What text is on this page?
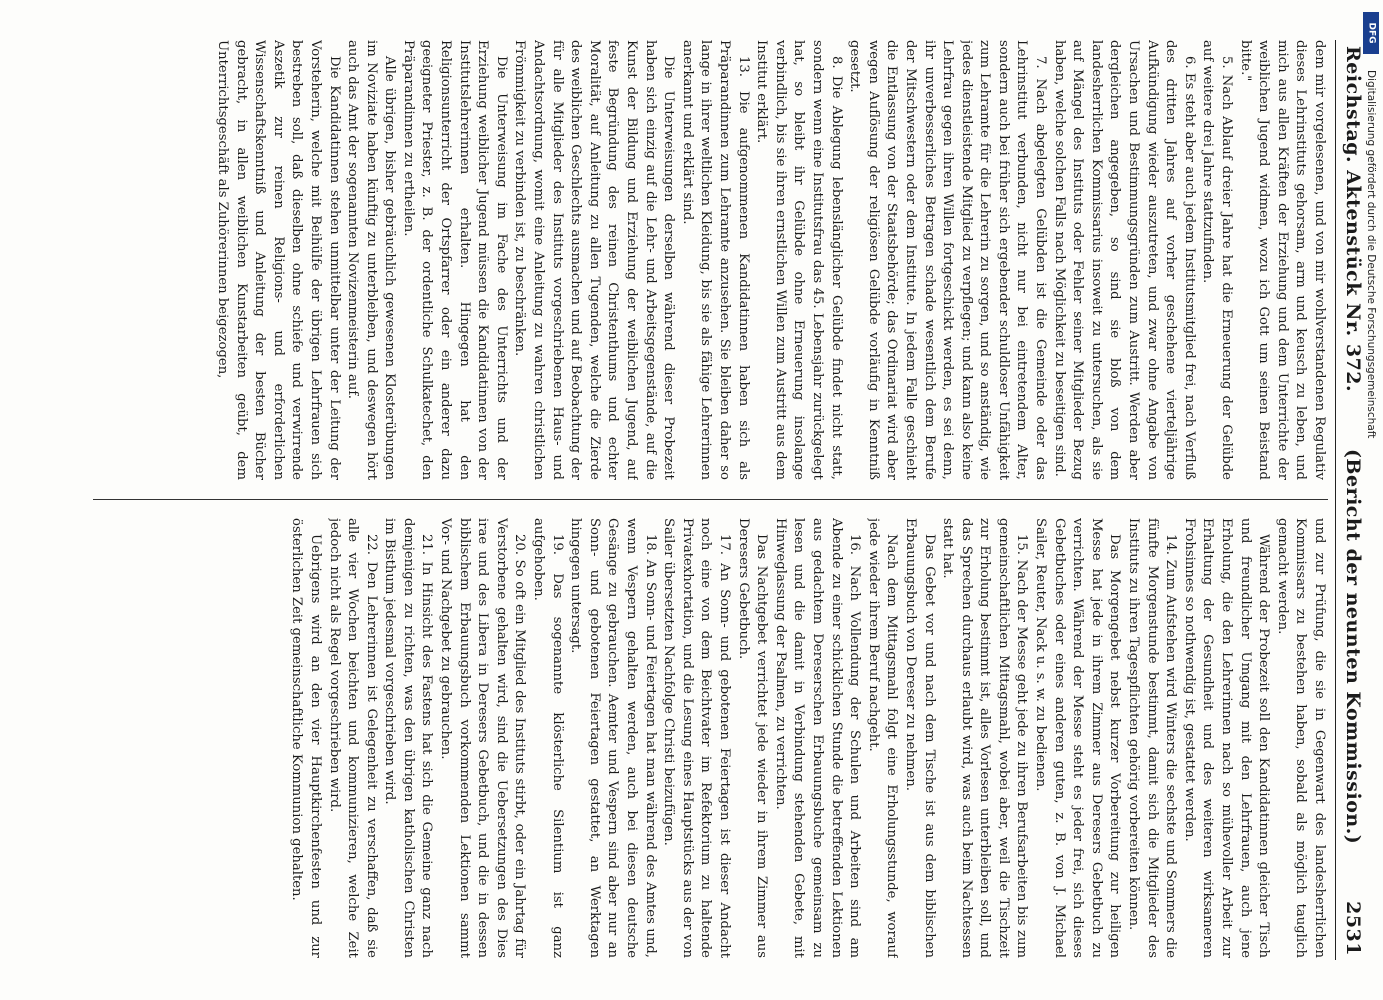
DFG
Digitalisierung gefördert durch die Deutsche Forschungsgemeinschaft
Reichstag. Aktenstück Nr. 372.
(Bericht der neunten Kommission.)
2531

dem mir vorgelesenen, und von mir wohlverstandenen Regulativ dieses Lehrinstituts gehorsam, arm und keusch zu leben, und mich aus allen Kräften der Erziehung und dem Unterrichte der weiblichen Jugend widmen, wozu ich Gott um seinen Beistand bitte."

5. Nach Ablauf dreier Jahre hat die Erneuerung der Gelübde auf weitere drei Jahre stattzufinden.

6. Es steht aber auch jedem Institutsmitglied frei, nach Verfluß des dritten Jahres auf vorher geschehene vierteljährige Aufkündigung wieder auszutreten, und zwar ohne Angabe von Ursachen und Bestimmungsgründen zum Austritt. Werden aber dergleichen angegeben, so sind sie bloß von dem landesherrlichen Kommissarius insoweit zu untersuchen, als sie auf Mängel des Instituts oder Fehler seiner Mitglieder Bezug haben, welche solchen Falls nach Möglichkeit zu beseitigen sind.

7. Nach abgelegten Gelübden ist die Gemeinde oder das Lehrinstitut verbunden, nicht nur bei eintretendem Alter, sondern auch bei früher sich ergebender schuldloser Unfähigkeit zum Lehramte für die Lehrerin zu sorgen, und so anständig, wie jedes dienstleistende Mitglied zu verpflegen; und kann also keine Lehrfrau gegen ihren Willen fortgeschickt werden, es sei denn, ihr unverbesserliches Betragen schade wesentlich dem Berufe der Mitschwestern oder dem Institute. In jedem Falle geschieht die Entlassung von der Staatsbehörde; das Ordinariat wird aber wegen Auflösung der religiösen Gelübde vorläufig in Kenntniß gesetzt.

8. Die Ablegung lebenslänglicher Gelübde findet nicht statt, sondern wenn eine Institutsfrau das 45. Lebensjahr zurückgelegt hat, so bleibt ihr Gelübde ohne Erneuerung insolange verbindlich, bis sie ihren ernstlichen Willen zum Austritt aus dem Institut erklärt.

13. Die aufgenommenen Kandidatinnen haben sich als Präparandinnen zum Lehramte anzusehen. Sie bleiben daher so lange in ihrer weltlichen Kleidung, bis sie als fähige Lehrerinnen anerkannt und erklärt sind.

Die Unterweisungen derselben während dieser Probezeit haben sich einzig auf die Lehr- und Arbeitsgegenstände, auf die Kunst der Bildung und Erziehung der weiblichen Jugend, auf feste Begründung des reinen Christenthums und echter Moralität, auf Anleitung zu allen Tugenden, welche die Zierde des weiblichen Geschlechts ausmachen und auf Beobachtung der für alle Mitglieder des Instituts vorgeschriebenen Haus- und Andachtsordnung, womit eine Anleitung zu wahren christlichen Frömmigkeit zu verbinden ist, zu beschränken.

Die Unterweisung im Fache des Unterrichts und der Erziehung weiblicher Jugend müssen die Kandidatinnen von der Institutslehrerinnen erhalten. Hingegen hat den Religionsunterricht der Ortspfarrer oder ein anderer dazu geeigneter Priester, z. B. der ordentliche Schulkatechet, den Präparandinnen zu ertheilen.

Alle übrigen, bisher gebräuchlich gewesenen Klosterübungen im Noviziate haben künftig zu unterbleiben, und deswegen hört auch das Amt der sogenannten Novizenmeisterin auf.

Die Kandidatinnen stehen unmittelbar unter der Leitung der Vorsteherin, welche mit Beihülfe der übrigen Lehrfrauen sich bestreben soll, daß dieselben ohne schiefe und verwirrende Aszetik zur reinen Religions- und erforderlichen Wissenschaftskenntniß und Anleitung der besten Bücher gebracht, in allen weiblichen Kunstarbeiten geübt, dem Unterrichtsgeschäft als Zuhörerinnen beigezogen,

und zur Prüfung, die sie in Gegenwart des landesherrlichen Kommissars zu bestehen haben, sobald als möglich tauglich gemacht werden.

Während der Probezeit soll den Kandidatinnen gleicher Tisch und freundlicher Umgang mit den Lehrfrauen, auch jene Erholung, die den Lehrerinnen nach so mühevoller Arbeit zur Erhaltung der Gesundheit und des weiteren wirksameren Frohsinnes so nothwendig ist, gestattet werden.

14. Zum Aufstehen wird Winters die sechste und Sommers die fünfte Morgenstunde bestimmt, damit sich die Mitglieder des Instituts zu ihren Tagespflichten gehörig vorbereiten können.

Das Morgengebet nebst kurzer Vorbereitung zur heiligen Messe hat jede in ihrem Zimmer aus Deresers Gebetbuch zu verrichten. Während der Messe steht es jeder frei, sich dieses Gebetbuches oder eines anderen guten, z. B. von J. Michael Sailer, Reuter, Nack u. s. w. zu bedienen.

15. Nach der Messe geht jede zu ihren Berufsarbeiten bis zum gemeinschaftlichen Mittagsmahl, wobei aber, weil die Tischzeit zur Erholung bestimmt ist, alles Vorlesen unterbleiben soll, und das Sprechen durchaus erlaubt wird, was auch beim Nachtessen statt hat.

Das Gebet vor und nach dem Tische ist aus dem biblischen Erbauungsbuch von Dereser zu nehmen.

Nach dem Mittagsmahl folgt eine Erholungsstunde, worauf jede wieder ihrem Beruf nachgeht.

16. Nach Vollendung der Schulen und Arbeiten sind am Abende zu einer schicklichen Stunde die betreffenden Lektionen aus gedachtem Dereserschen Erbauungsbuche gemeinsam zu lesen und die damit in Verbindung stehenden Gebete, mit Hinweglassung der Psalmen, zu verrichten.

Das Nachtgebet verrichtet jede wieder in ihrem Zimmer aus Deresers Gebetbuch.

17. An Sonn- und gebotenen Feiertagen ist dieser Andacht noch eine von dem Beichtvater im Refektorium zu haltende Privatexhortation, und die Lesung eines Hauptstücks aus der von Sailer übersetzten Nachfolge Christi beizufügen.

18. An Sonn- und Feiertagen hat man während des Amtes und, wenn Vespern gehalten werden, auch bei diesen deutsche Gesänge zu gebrauchen. Aemter und Vespern sind aber nur an Sonn- und gebotenen Feiertagen gestattet, an Werktagen hingegen untersagt.

19. Das sogenannte klösterliche Silentium ist ganz aufgehoben.

20. So oft ein Mitglied des Instituts stirbt, oder ein Jahrtag für Verstorbene gehalten wird, sind die Uebersetzungen des Dies irae und des Libera in Deresers Gebetbuch, und die in dessen biblischem Erbauungsbuch vorkommenden Lektionen sammt Vor- und Nachgebet zu gebrauchen.

21. In Hinsicht des Fastens hat sich die Gemeine ganz nach demjenigen zu richten, was den übrigen katholischen Christen im Bisthum jedesmal vorgeschrieben wird.

22. Den Lehrerinnen ist Gelegenheit zu verschaffen, daß sie alle vier Wochen beichten und kommunizieren, welche Zeit jedoch nicht als Regel vorgeschrieben wird.

Uebrigens wird an den vier Hauptkirchenfesten und zur österlichen Zeit gemeinschaftliche Kommunion gehalten.
